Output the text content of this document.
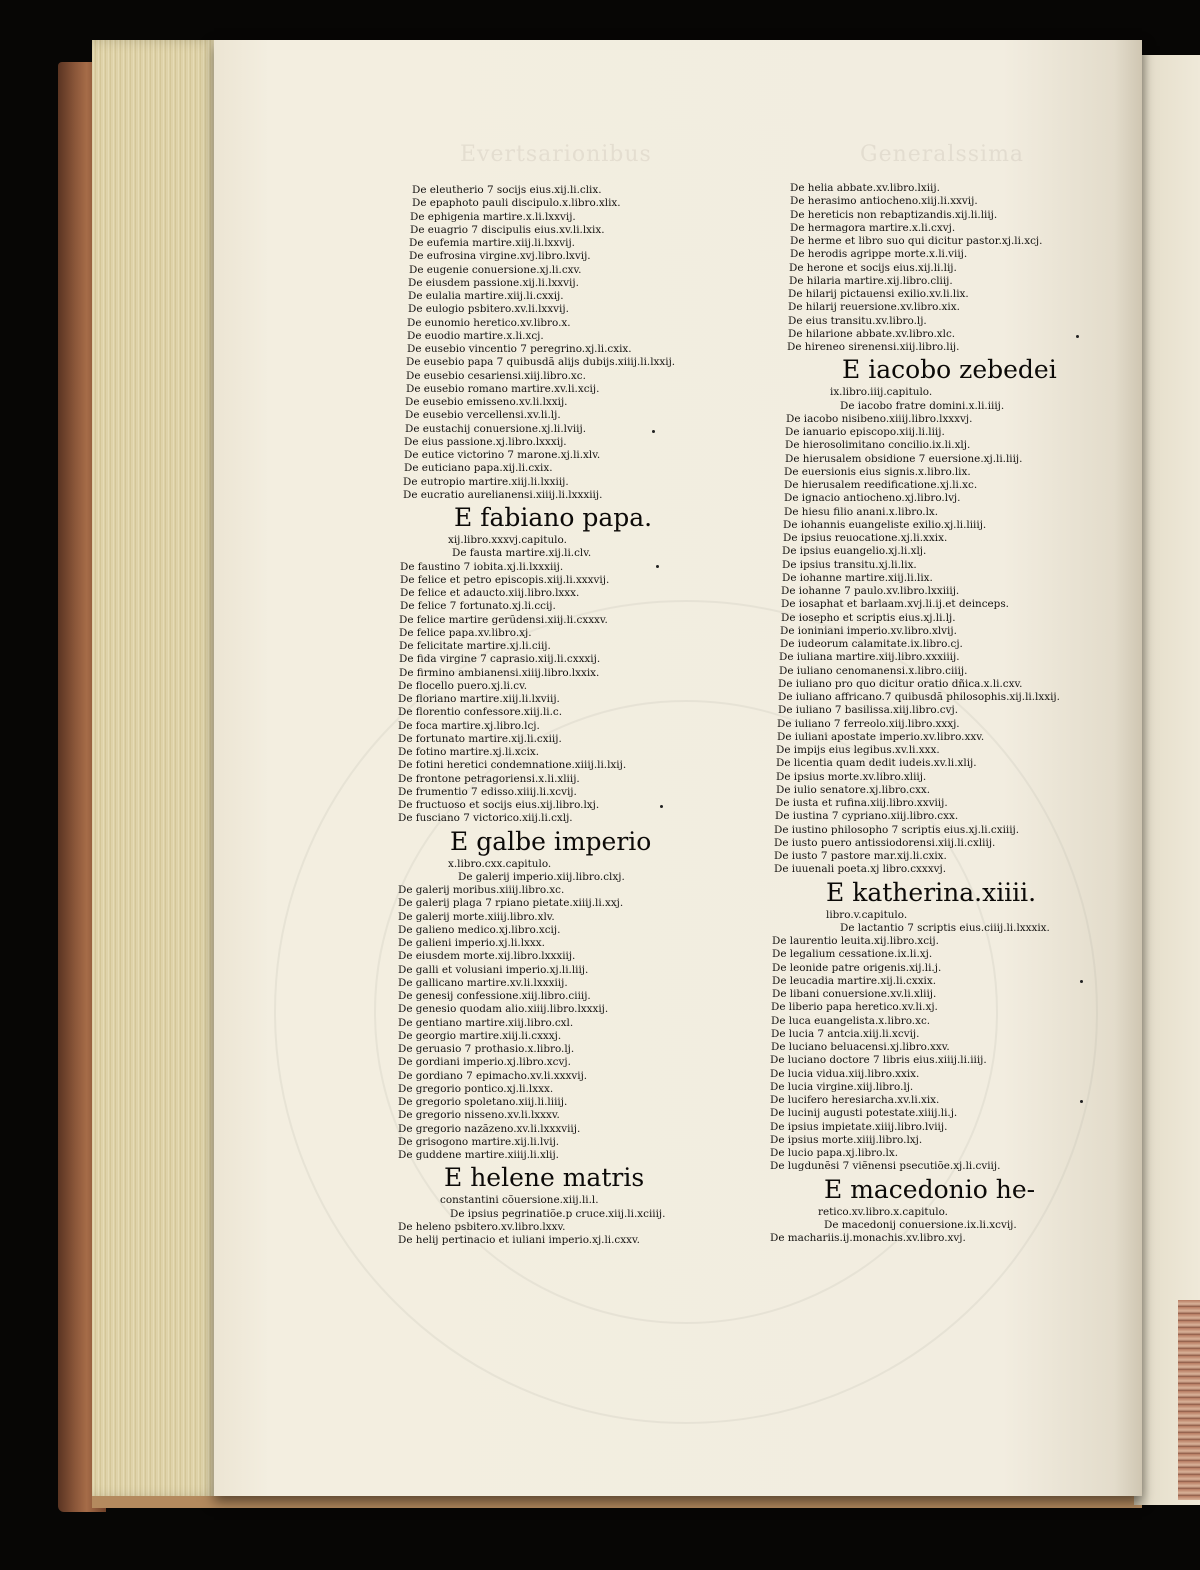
Evertsarionibus	Generalssima
De eleutherio 7 socijs eius.xij.li.clix.
De epaphoto pauli discipulo.x.libro.xlix.
De ephigenia martire.x.li.lxxvij.
De euagrio 7 discipulis eius.xv.li.lxix.
De eufemia martire.xiij.li.lxxvij.
De eufrosina virgine.xvj.libro.lxvij.
De eugenie conuersione.xj.li.cxv.
De eiusdem passione.xij.li.lxxvij.
De eulalia martire.xiij.li.cxxij.
De eulogio psbitero.xv.li.lxxvij.
De eunomio heretico.xv.libro.x.
De euodio martire.x.li.xcj.
De eusebio vincentio 7 peregrino.xj.li.cxix.
De eusebio papa 7 quibusdã alijs dubijs.xiiij.li.lxxij.
De eusebio cesariensi.xiij.libro.xc.
De eusebio romano martire.xv.li.xcij.
De eusebio emisseno.xv.li.lxxij.
De eusebio vercellensi.xv.li.lj.
De eustachij conuersione.xj.li.lviij.
De eius passione.xj.libro.lxxxij.
De eutice victorino 7 marone.xj.li.xlv.
De euticiano papa.xij.li.cxix.
De eutropio martire.xiij.li.lxxiij.
De eucratio aurelianensi.xiiij.li.lxxxiij.
E fabiano papa.
xij.libro.xxxvj.capitulo.
De fausta martire.xij.li.clv.
De faustino 7 iobita.xj.li.lxxxiij.
De felice et petro episcopis.xiij.li.xxxvij.
De felice et adaucto.xiij.libro.lxxx.
De felice 7 fortunato.xj.li.ccij.
De felice martire gerũdensi.xiij.li.cxxxv.
De felice papa.xv.libro.xj.
De felicitate martire.xj.li.ciij.
De fida virgine 7 caprasio.xiij.li.cxxxij.
De firmino ambianensi.xiiij.libro.lxxix.
De flocello puero.xj.li.cv.
De floriano martire.xiij.li.lxviij.
De florentio confessore.xiij.li.c.
De foca martire.xj.libro.lcj.
De fortunato martire.xij.li.cxiij.
De fotino martire.xj.li.xcix.
De fotini heretici condemnatione.xiiij.li.lxij.
De frontone petragoriensi.x.li.xliij.
De frumentio 7 edisso.xiiij.li.xcvij.
De fructuoso et socijs eius.xij.libro.lxj.
De fusciano 7 victorico.xiij.li.cxlj.
E galbe imperio
x.libro.cxx.capitulo.
De galerij imperio.xiij.libro.clxj.
De galerij moribus.xiiij.libro.xc.
De galerij plaga 7 rpiano pietate.xiiij.li.xxj.
De galerij morte.xiiij.libro.xlv.
De galieno medico.xj.libro.xcij.
De galieni imperio.xj.li.lxxx.
De eiusdem morte.xij.libro.lxxxiij.
De galli et volusiani imperio.xj.li.liij.
De gallicano martire.xv.li.lxxxiij.
De genesij confessione.xiij.libro.ciiij.
De genesio quodam alio.xiiij.libro.lxxxij.
De gentiano martire.xiij.libro.cxl.
De georgio martire.xiij.li.cxxxj.
De geruasio 7 prothasio.x.libro.lj.
De gordiani imperio.xj.libro.xcvj.
De gordiano 7 epimacho.xv.li.xxxvij.
De gregorio pontico.xj.li.lxxx.
De gregorio spoletano.xiij.li.liiij.
De gregorio nisseno.xv.li.lxxxv.
De gregorio nazãzeno.xv.li.lxxxviij.
De grisogono martire.xij.li.lvij.
De guddene martire.xiiij.li.xlij.
E helene matris
constantini cõuersione.xiij.li.l.
De ipsius pegrinatiõe.p cruce.xiij.li.xciiij.
De heleno psbitero.xv.libro.lxxv.
De helij pertinacio et iuliani imperio.xj.li.cxxv.
De helia abbate.xv.libro.lxiij.
De herasimo antiocheno.xiij.li.xxvij.
De hereticis non rebaptizandis.xij.li.liij.
De hermagora martire.x.li.cxvj.
De herme et libro suo qui dicitur pastor.xj.li.xcj.
De herodis agrippe morte.x.li.viij.
De herone et socijs eius.xij.li.lij.
De hilaria martire.xij.libro.cliij.
De hilarij pictauensi exilio.xv.li.lix.
De hilarij reuersione.xv.libro.xix.
De eius transitu.xv.libro.lj.
De hilarione abbate.xv.libro.xlc.
De hireneo sirenensi.xiij.libro.lij.
E iacobo zebedei
ix.libro.iiij.capitulo.
De iacobo fratre domini.x.li.iiij.
De iacobo nisibeno.xiiij.libro.lxxxvj.
De ianuario episcopo.xiij.li.liij.
De hierosolimitano concilio.ix.li.xlj.
De hierusalem obsidione 7 euersione.xj.li.liij.
De euersionis eius signis.x.libro.lix.
De hierusalem reedificatione.xj.li.xc.
De ignacio antiocheno.xj.libro.lvj.
De hiesu filio anani.x.libro.lx.
De iohannis euangeliste exilio.xj.li.liiij.
De ipsius reuocatione.xj.li.xxix.
De ipsius euangelio.xj.li.xlj.
De ipsius transitu.xj.li.lix.
De iohanne martire.xiij.li.lix.
De iohanne 7 paulo.xv.libro.lxxiiij.
De iosaphat et barlaam.xvj.li.ij.et deinceps.
De iosepho et scriptis eius.xj.li.lj.
De ioniniani imperio.xv.libro.xlvij.
De iudeorum calamitate.ix.libro.cj.
De iuliana martire.xiij.libro.xxxiiij.
De iuliano cenomanensi.x.libro.ciiij.
De iuliano pro quo dicitur oratio dñica.x.li.cxv.
De iuliano affricano.7 quibusdã philosophis.xij.li.lxxij.
De iuliano 7 basilissa.xiij.libro.cvj.
De iuliano 7 ferreolo.xiij.libro.xxxj.
De iuliani apostate imperio.xv.libro.xxv.
De impijs eius legibus.xv.li.xxx.
De licentia quam dedit iudeis.xv.li.xlij.
De ipsius morte.xv.libro.xliij.
De iulio senatore.xj.libro.cxx.
De iusta et rufina.xiij.libro.xxviij.
De iustina 7 cypriano.xiij.libro.cxx.
De iustino philosopho 7 scriptis eius.xj.li.cxiiij.
De iusto puero antissiodorensi.xiij.li.cxliij.
De iusto 7 pastore mar.xij.li.cxix.
De iuuenali poeta.xj libro.cxxxvj.
E katherina.xiiii.
libro.v.capitulo.
De lactantio 7 scriptis eius.ciiij.li.lxxxix.
De laurentio leuita.xij.libro.xcij.
De legalium cessatione.ix.li.xj.
De leonide patre origenis.xij.li.j.
De leucadia martire.xij.li.cxxix.
De libani conuersione.xv.li.xliij.
De liberio papa heretico.xv.li.xj.
De luca euangelista.x.libro.xc.
De lucia 7 antcia.xiij.li.xcvij.
De luciano beluacensi.xj.libro.xxv.
De luciano doctore 7 libris eius.xiiij.li.iiij.
De lucia vidua.xiij.libro.xxix.
De lucia virgine.xiij.libro.lj.
De lucifero heresiarcha.xv.li.xix.
De lucinij augusti potestate.xiiij.li.j.
De ipsius impietate.xiiij.libro.lviij.
De ipsius morte.xiiij.libro.lxj.
De lucio papa.xj.libro.lx.
De lugdunẽsi 7 viẽnensi psecutiõe.xj.li.cviij.
E macedonio he-
retico.xv.libro.x.capitulo.
De macedonij conuersione.ix.li.xcvij.
De machariis.ij.monachis.xv.libro.xvj.
